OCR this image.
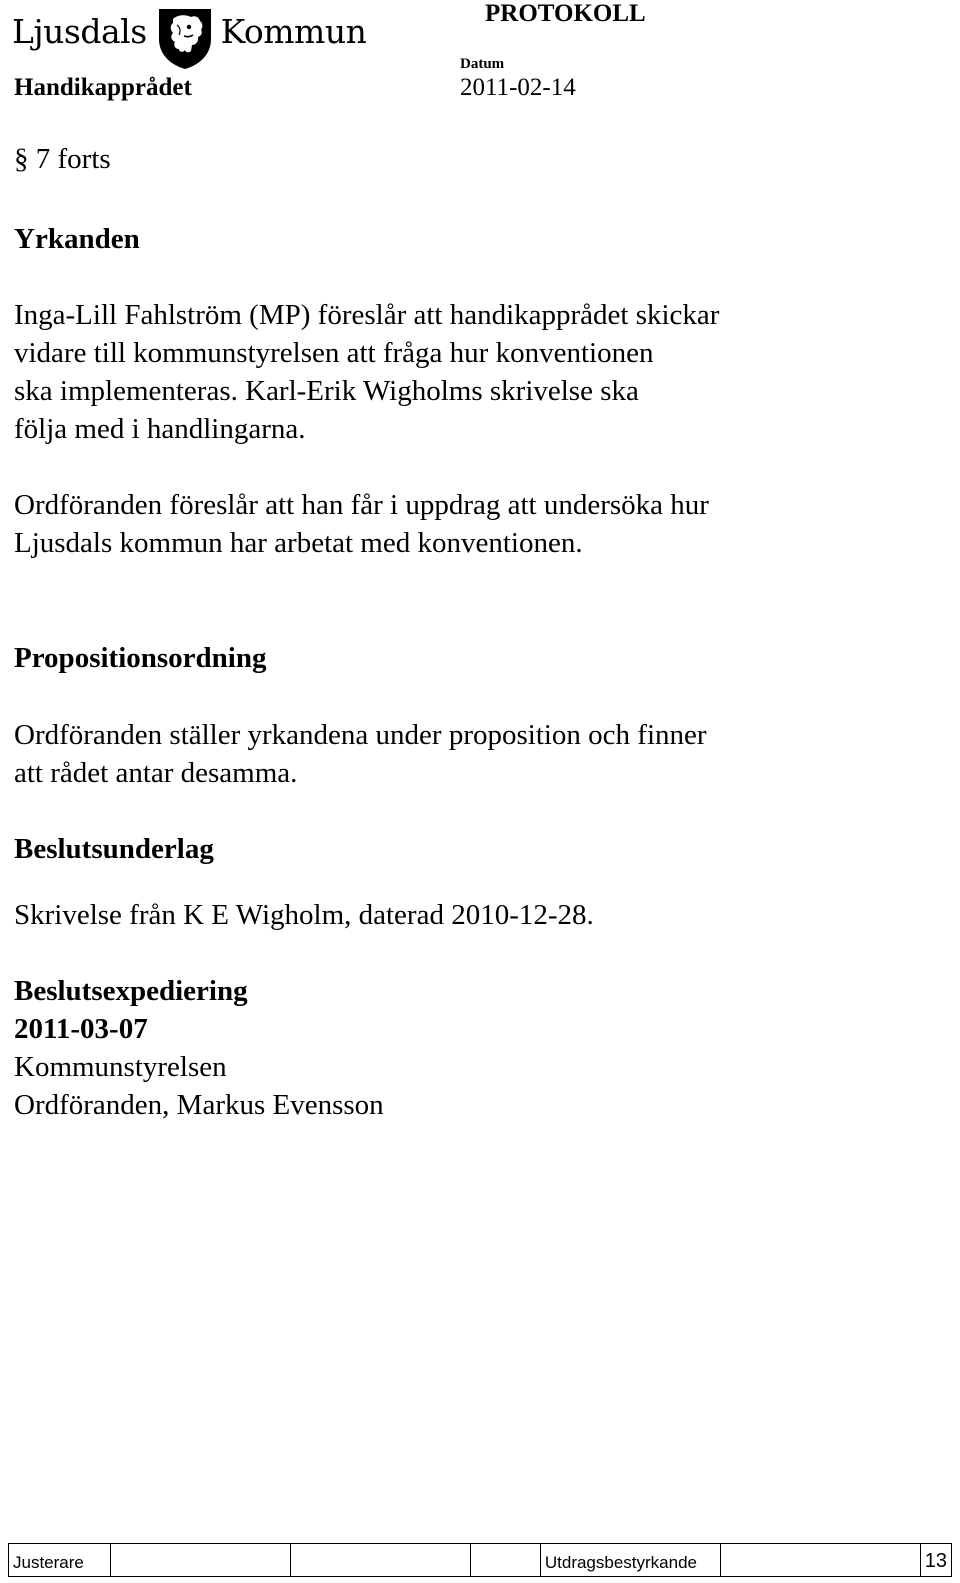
Ljusdals Kommun	PROTOKOLL
Datum
Handikapprådet	2011-02-14
§ 7 forts
Yrkanden
Inga-Lill Fahlström (MP) föreslår att handikapprådet skickar
vidare till kommunstyrelsen att fråga hur konventionen
ska implementeras. Karl-Erik Wigholms skrivelse ska
följa med i handlingarna.
Ordföranden föreslår att han får i uppdrag att undersöka hur
Ljusdals kommun har arbetat med konventionen.
Propositionsordning
Ordföranden ställer yrkandena under proposition och finner
att rådet antar desamma.
Beslutsunderlag
Skrivelse från K E Wigholm, daterad 2010-12-28.
Beslutsexpediering
2011-03-07
Kommunstyrelsen
Ordföranden, Markus Evensson
Justerare	Utdragsbestyrkande	13
